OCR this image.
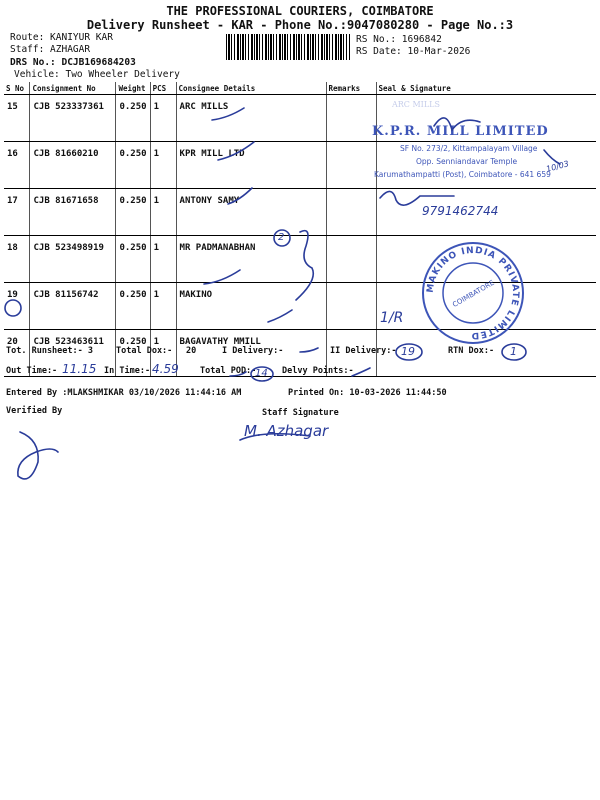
THE PROFESSIONAL COURIERS, COIMBATORE
Delivery Runsheet - KAR - Phone No.:9047080280 - Page No.:3
Route: KANIYUR KAR
Staff: AZHAGAR
DRS No.: DCJB169684203
Vehicle: Two Wheeler Delivery
RS No.: 1696842
RS Date: 10-Mar-2026
S No	Consignment No	Weight	PCS	Consignee Details	Remarks	Seal & Signature
15	CJB 523337361	0.250	1	ARC MILLS		
16	CJB 81660210	0.250	1	KPR MILL LTD		
17	CJB 81671658	0.250	1	ANTONY SAMY		
18	CJB 523498919	0.250	1	MR PADMANABHAN		
19	CJB 81156742	0.250	1	MAKINO		
20	CJB 523463611	0.250	1	BAGAVATHY MMILL		
Tot. Runsheet:- 3	Total Dox:- 20	I Delivery:-	II Delivery:-	RTN Dox:-
Out Time:-	In Time:-	Total POD:-	Delvy Points:-
Entered By :MLAKSHMIKAR 03/10/2026 11:44:16 AM	Printed On: 10-03-2026 11:44:50
Verified By	Staff Signature
ARC MILLS
K.P.R. MILL LIMITED
SF No. 273/2, Kittampalayam Village
Opp. Senniandavar Temple
Karumathampatti (Post), Coimbatore - 641 659
MAKINO INDIA PRIVATE LIMITED
COIMBATORE
9791462744
10/03
2
1/R
19	1
11.15	4.59	14
M. Azhagar
